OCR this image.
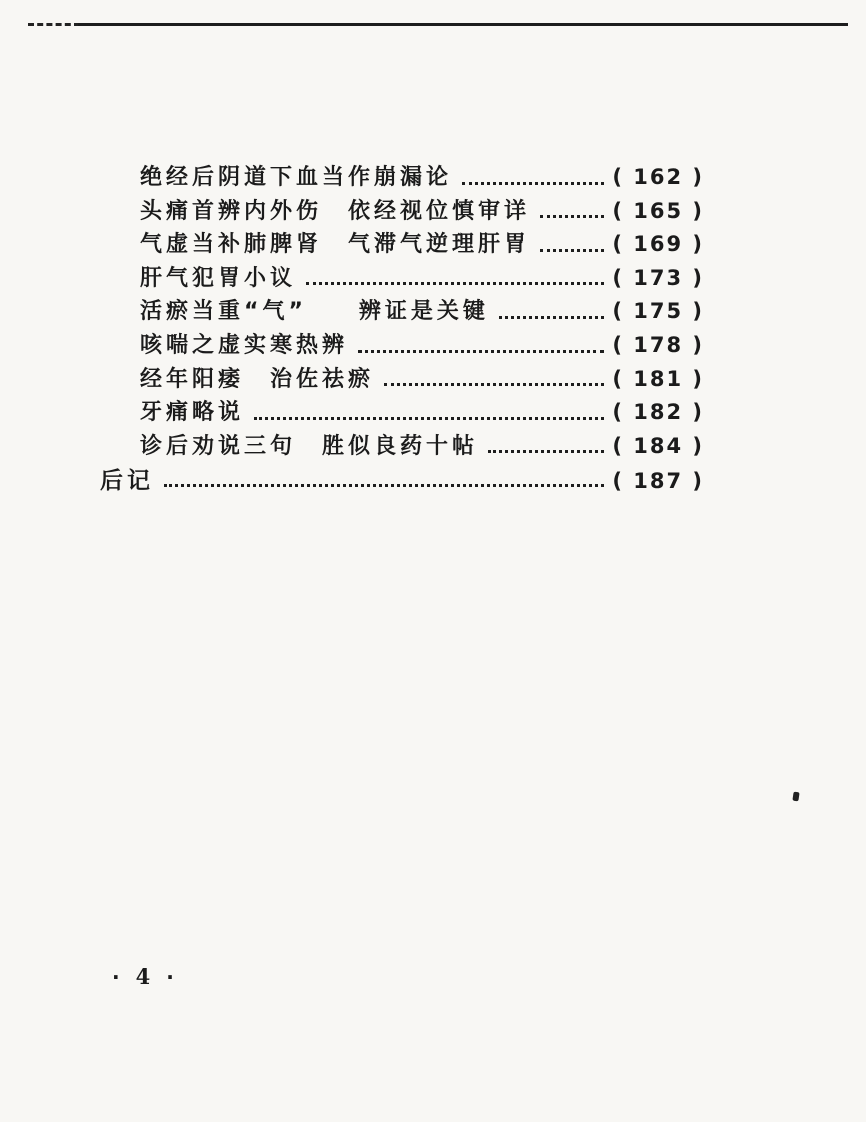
绝经后阴道下血当作崩漏论	( 162 )
头痛首辨内外伤　依经视位慎审详	( 165 )
气虚当补肺脾肾　气滞气逆理肝胃	( 169 )
肝气犯胃小议	( 173 )
活瘀当重“气”　　辨证是关键	( 175 )
咳喘之虚实寒热辨	( 178 )
经年阳痿　治佐祛瘀	( 181 )
牙痛略说	( 182 )
诊后劝说三句　胜似良药十帖	( 184 )
后记	( 187 )
· 4 ·
